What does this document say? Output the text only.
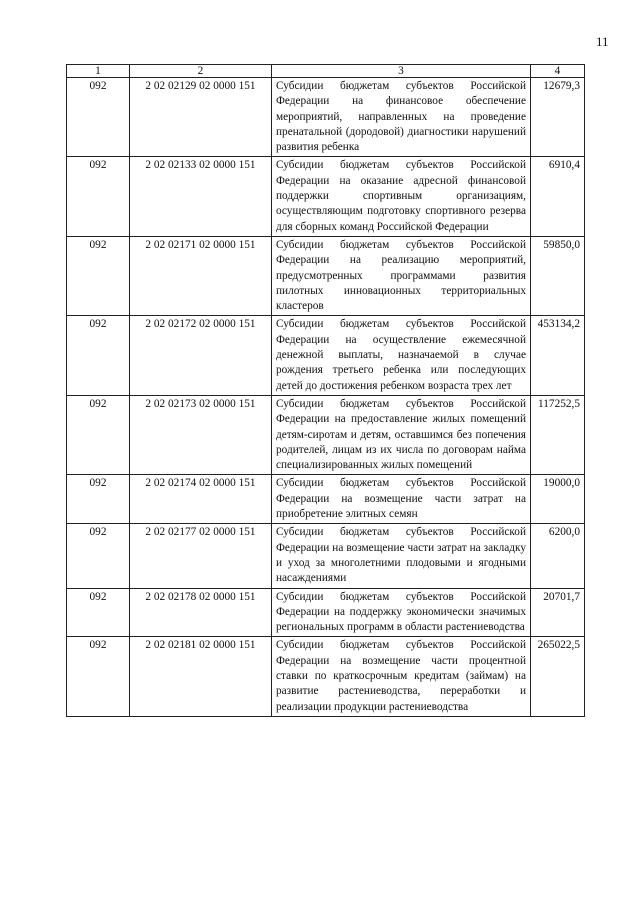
11
1	2	3	4
092	2 02 02129 02 0000 151	Субсидии бюджетам субъектов Российской Федерации на финансовое обеспечение мероприятий, направленных на проведение пренатальной (дородовой) диагностики нарушений развития ребенка	12679,3
092	2 02 02133 02 0000 151	Субсидии бюджетам субъектов Российской Федерации на оказание адресной финансовой поддержки спортивным организациям, осуществляющим подготовку спортивного резерва для сборных команд Российской Федерации	6910,4
092	2 02 02171 02 0000 151	Субсидии бюджетам субъектов Российской Федерации на реализацию мероприятий, предусмотренных программами развития пилотных инновационных территориальных кластеров	59850,0
092	2 02 02172 02 0000 151	Субсидии бюджетам субъектов Российской Федерации на осуществление ежемесячной денежной выплаты, назначаемой в случае рождения третьего ребенка или последующих детей до достижения ребенком возраста трех лет	453134,2
092	2 02 02173 02 0000 151	Субсидии бюджетам субъектов Российской Федерации на предоставление жилых помещений детям-сиротам и детям, оставшимся без попечения родителей, лицам из их числа по договорам найма специализированных жилых помещений	117252,5
092	2 02 02174 02 0000 151	Субсидии бюджетам субъектов Российской Федерации на возмещение части затрат на приобретение элитных семян	19000,0
092	2 02 02177 02 0000 151	Субсидии бюджетам субъектов Российской Федерации на возмещение части затрат на закладку и уход за многолетними плодовыми и ягодными насаждениями	6200,0
092	2 02 02178 02 0000 151	Субсидии бюджетам субъектов Российской Федерации на поддержку экономически значимых региональных программ в области растениеводства	20701,7
092	2 02 02181 02 0000 151	Субсидии бюджетам субъектов Российской Федерации на возмещение части процентной ставки по краткосрочным кредитам (займам) на развитие растениеводства, переработки и реализации продукции растениеводства	265022,5
